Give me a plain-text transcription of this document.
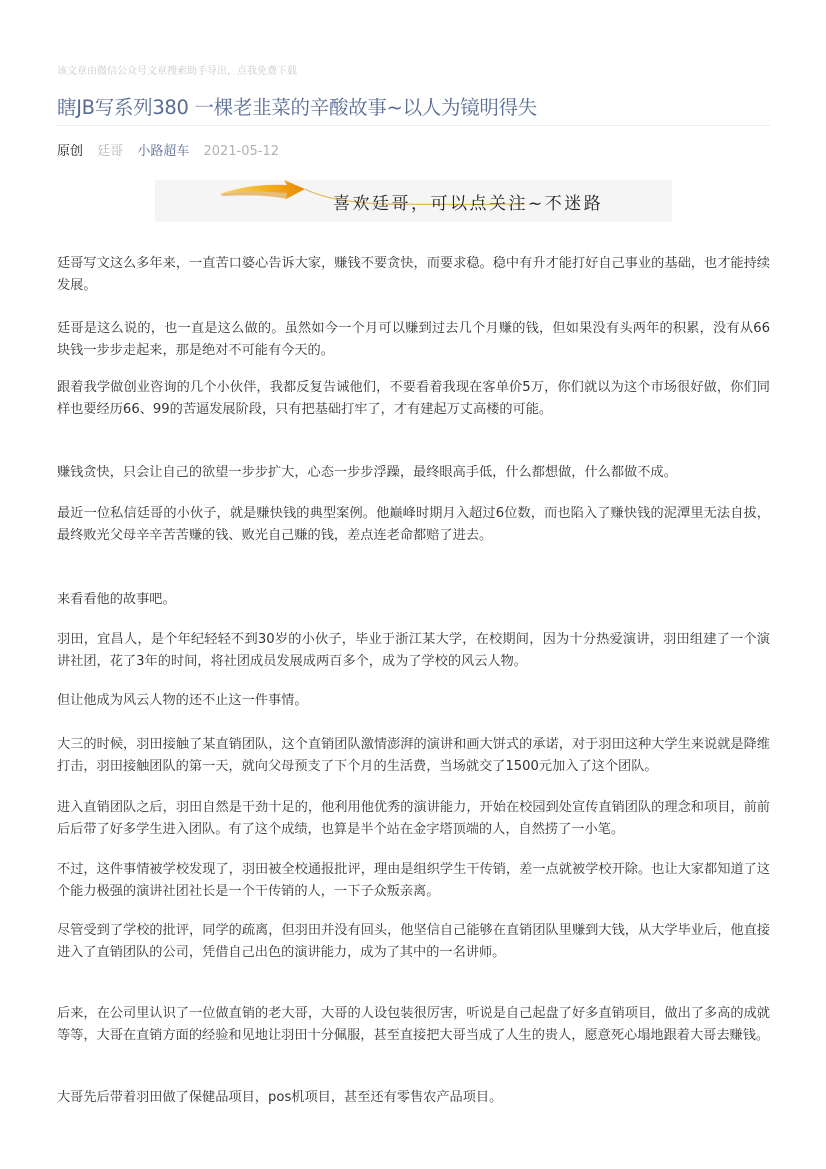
该文章由微信公众号文章搜索助手导出，点我免费下载
瞎JB写系列380 一棵老韭菜的辛酸故事~以人为镜明得失
原创 廷哥 小路超车 2021-05-12
喜欢廷哥，可以点关注~不迷路

廷哥写文这么多年来，一直苦口婆心告诉大家，赚钱不要贪快，而要求稳。稳中有升才能打好自己事业的基础，也才能持续发展。

廷哥是这么说的，也一直是这么做的。虽然如今一个月可以赚到过去几个月赚的钱，但如果没有头两年的积累，没有从66块钱一步步走起来，那是绝对不可能有今天的。

跟着我学做创业咨询的几个小伙伴，我都反复告诫他们，不要看着我现在客单价5万，你们就以为这个市场很好做，你们同样也要经历66、99的苦逼发展阶段，只有把基础打牢了，才有建起万丈高楼的可能。

赚钱贪快，只会让自己的欲望一步步扩大，心态一步步浮躁，最终眼高手低，什么都想做，什么都做不成。

最近一位私信廷哥的小伙子，就是赚快钱的典型案例。他巅峰时期月入超过6位数，而也陷入了赚快钱的泥潭里无法自拔，最终败光父母辛辛苦苦赚的钱、败光自己赚的钱，差点连老命都赔了进去。

来看看他的故事吧。

羽田，宜昌人，是个年纪轻轻不到30岁的小伙子，毕业于浙江某大学，在校期间，因为十分热爱演讲，羽田组建了一个演讲社团，花了3年的时间，将社团成员发展成两百多个，成为了学校的风云人物。

但让他成为风云人物的还不止这一件事情。

大三的时候，羽田接触了某直销团队，这个直销团队激情澎湃的演讲和画大饼式的承诺，对于羽田这种大学生来说就是降维打击，羽田接触团队的第一天，就向父母预支了下个月的生活费，当场就交了1500元加入了这个团队。

进入直销团队之后，羽田自然是干劲十足的，他利用他优秀的演讲能力，开始在校园到处宣传直销团队的理念和项目，前前后后带了好多学生进入团队。有了这个成绩，也算是半个站在金字塔顶端的人，自然捞了一小笔。

不过，这件事情被学校发现了，羽田被全校通报批评，理由是组织学生干传销，差一点就被学校开除。也让大家都知道了这个能力极强的演讲社团社长是一个干传销的人，一下子众叛亲离。

尽管受到了学校的批评，同学的疏离，但羽田并没有回头，他坚信自己能够在直销团队里赚到大钱，从大学毕业后，他直接进入了直销团队的公司，凭借自己出色的演讲能力，成为了其中的一名讲师。

后来，在公司里认识了一位做直销的老大哥，大哥的人设包装很厉害，听说是自己起盘了好多直销项目，做出了多高的成就等等，大哥在直销方面的经验和见地让羽田十分佩服，甚至直接把大哥当成了人生的贵人，愿意死心塌地跟着大哥去赚钱。

大哥先后带着羽田做了保健品项目，pos机项目，甚至还有零售农产品项目。
